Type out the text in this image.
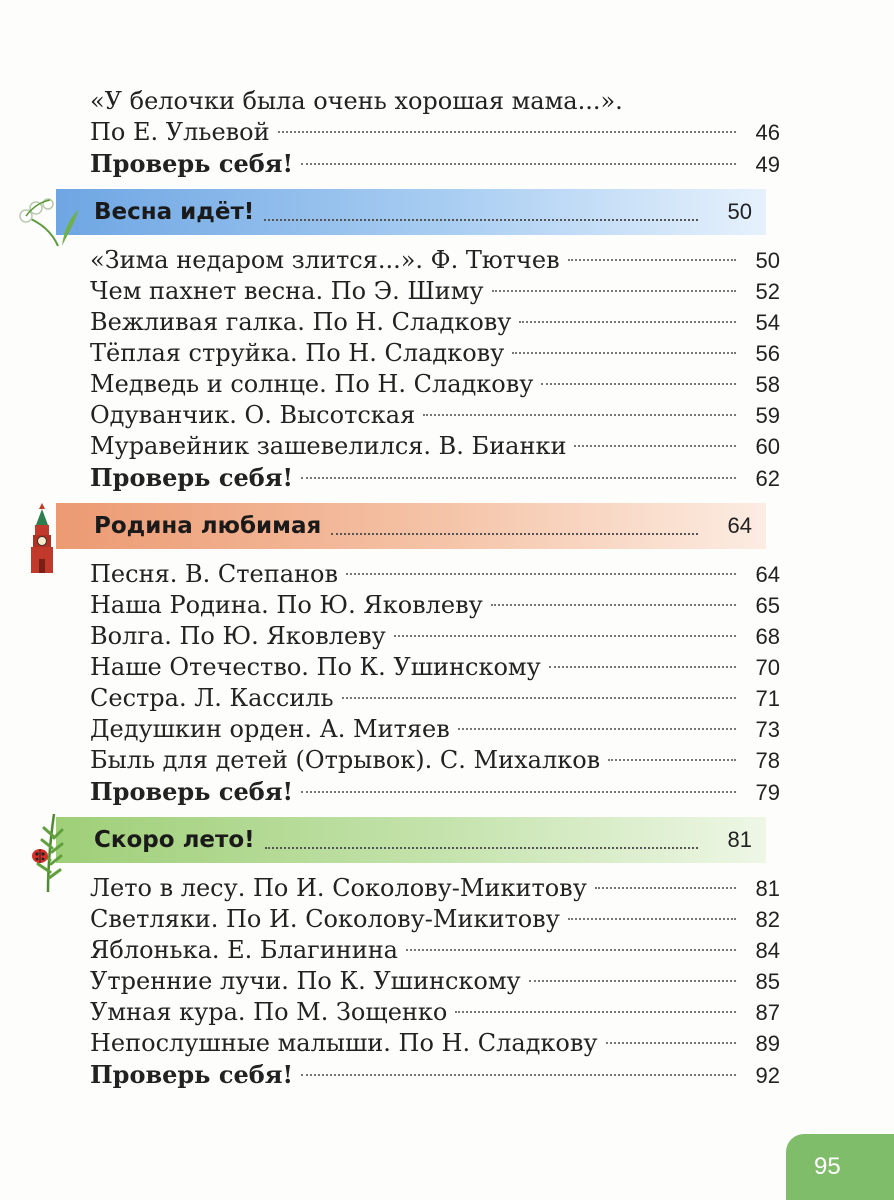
«У белочки была очень хорошая мама...».
По Е. Ульевой	46
Проверь себя!	49
Весна идёт!	50
«Зима недаром злится...». Ф. Тютчев	50
Чем пахнет весна. По Э. Шиму	52
Вежливая галка. По Н. Сладкову	54
Тёплая струйка. По Н. Сладкову	56
Медведь и солнце. По Н. Сладкову	58
Одуванчик. О. Высотская	59
Муравейник зашевелился. В. Бианки	60
Проверь себя!	62
Родина любимая	64
Песня. В. Степанов	64
Наша Родина. По Ю. Яковлеву	65
Волга. По Ю. Яковлеву	68
Наше Отечество. По К. Ушинскому	70
Сестра. Л. Кассиль	71
Дедушкин орден. А. Митяев	73
Быль для детей (Отрывок). С. Михалков	78
Проверь себя!	79
Скоро лето!	81
Лето в лесу. По И. Соколову-Микитову	81
Светляки. По И. Соколову-Микитову	82
Яблонька. Е. Благинина	84
Утренние лучи. По К. Ушинскому	85
Умная кура. По М. Зощенко	87
Непослушные малыши. По Н. Сладкову	89
Проверь себя!	92
95
